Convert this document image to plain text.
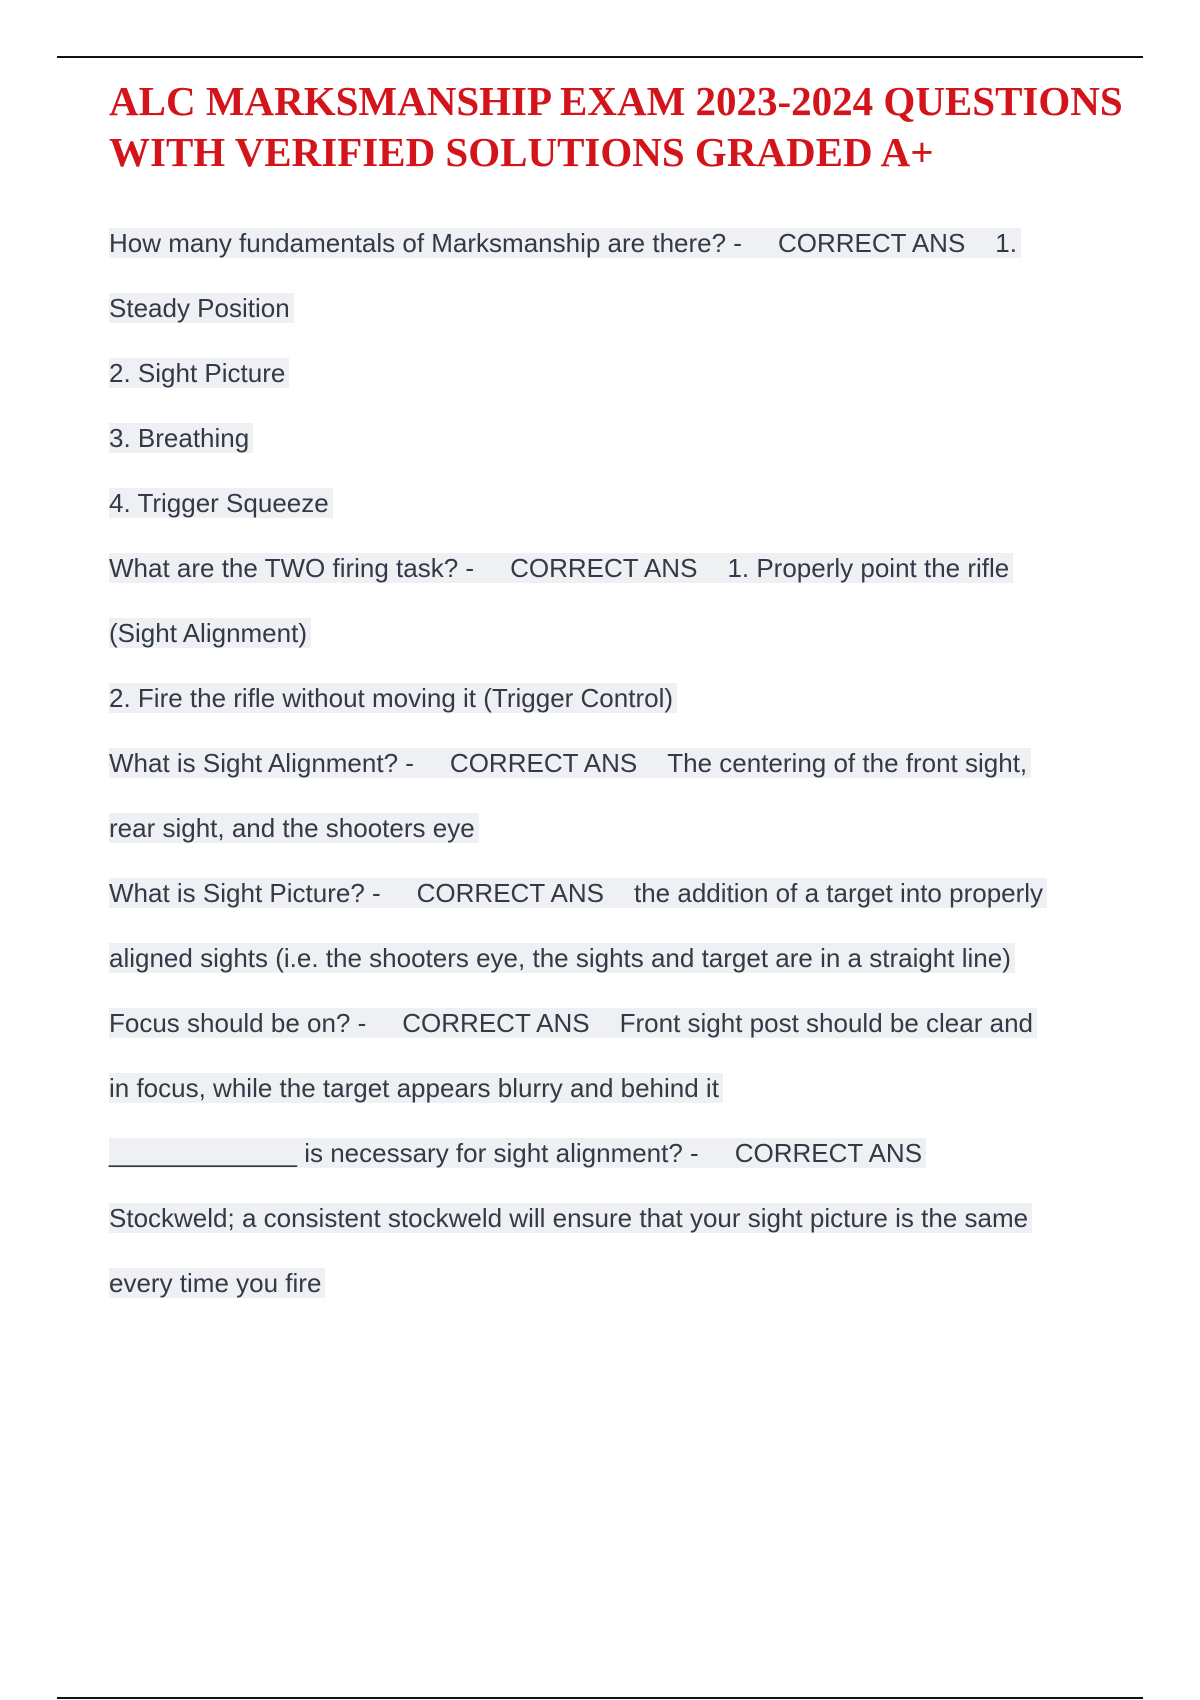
ALC MARKSMANSHIP EXAM 2023-2024 QUESTIONS WITH VERIFIED SOLUTIONS GRADED A+
How many fundamentals of Marksmanship are there? - CORRECT ANS 1.
Steady Position
2. Sight Picture
3. Breathing
4. Trigger Squeeze
What are the TWO firing task? - CORRECT ANS 1. Properly point the rifle
(Sight Alignment)
2. Fire the rifle without moving it (Trigger Control)
What is Sight Alignment? - CORRECT ANS The centering of the front sight,
rear sight, and the shooters eye
What is Sight Picture? - CORRECT ANS the addition of a target into properly
aligned sights (i.e. the shooters eye, the sights and target are in a straight line)
Focus should be on? - CORRECT ANS Front sight post should be clear and
in focus, while the target appears blurry and behind it
_____________ is necessary for sight alignment? - CORRECT ANS
Stockweld; a consistent stockweld will ensure that your sight picture is the same
every time you fire
